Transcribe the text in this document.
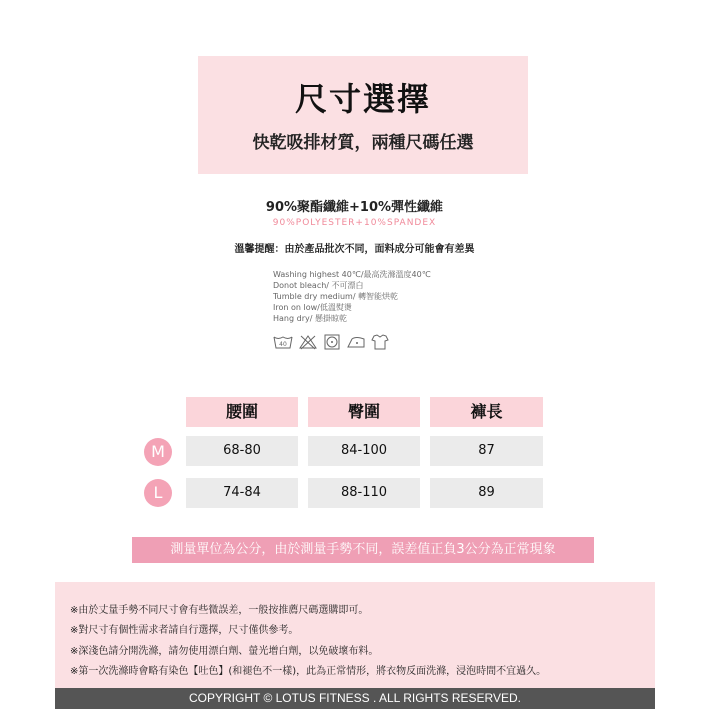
尺寸選擇
快乾吸排材質，兩種尺碼任選
90%聚酯纖維+10%彈性纖維
90%POLYESTER+10%SPANDEX
溫馨提醒：由於產品批次不同，面料成分可能會有差異
Washing highest 40℃/最高洗滌溫度40℃
Donot bleach/ 不可漂白
Tumble dry medium/ 轉智能烘乾
Iron on low/低溫熨燙
Hang dry/ 懸掛晾乾
40
腰圍	臀圍	褲長
M	68-80	84-100	87
L	74-84	88-110	89
測量單位為公分，由於測量手勢不同，誤差值正負3公分為正常現象
※由於丈量手勢不同尺寸會有些微誤差，一般按推薦尺碼選購即可。
※對尺寸有個性需求者請自行選擇，尺寸僅供參考。
※深淺色請分開洗滌，請勿使用漂白劑、螢光增白劑，以免破壞布料。
※第一次洗滌時會略有染色【吐色】(和褪色不一樣)，此為正常情形，將衣物反面洗滌，浸泡時間不宜過久。
COPYRIGHT © LOTUS FITNESS . ALL RIGHTS RESERVED.
